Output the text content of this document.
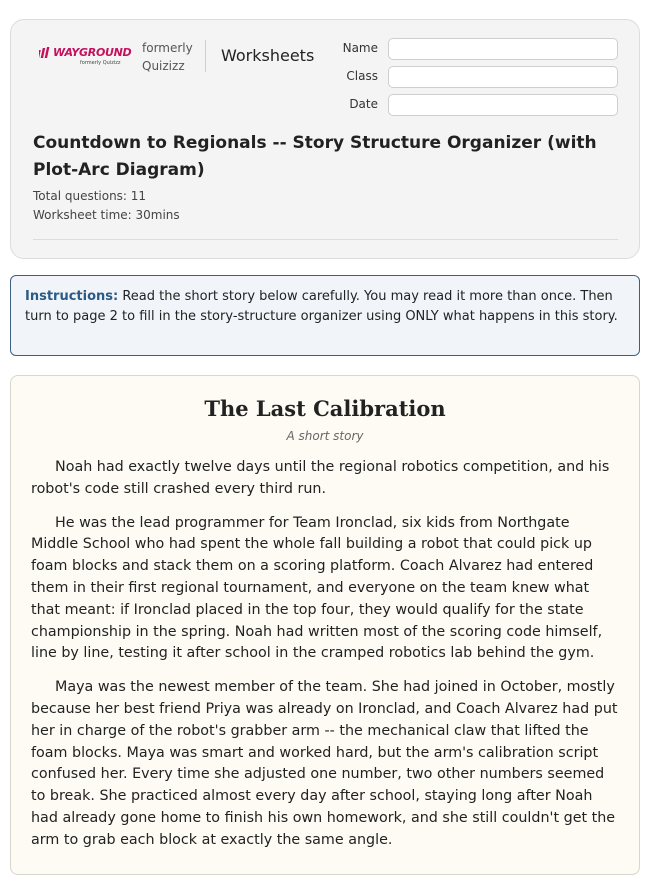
WAYGROUND
formerly Quizizz
formerly
Quizizz
Worksheets	Name
Class
Date
Countdown to Regionals -- Story Structure Organizer (with Plot-Arc Diagram)
Total questions: 11
Worksheet time: 30mins
Instructions: Read the short story below carefully. You may read it more than once. Then turn to page 2 to fill in the story-structure organizer using ONLY what happens in this story.
The Last Calibration
A short story

Noah had exactly twelve days until the regional robotics competition, and his robot's code still crashed every third run.

He was the lead programmer for Team Ironclad, six kids from Northgate Middle School who had spent the whole fall building a robot that could pick up foam blocks and stack them on a scoring platform. Coach Alvarez had entered them in their first regional tournament, and everyone on the team knew what that meant: if Ironclad placed in the top four, they would qualify for the state championship in the spring. Noah had written most of the scoring code himself, line by line, testing it after school in the cramped robotics lab behind the gym.

Maya was the newest member of the team. She had joined in October, mostly because her best friend Priya was already on Ironclad, and Coach Alvarez had put her in charge of the robot's grabber arm -- the mechanical claw that lifted the foam blocks. Maya was smart and worked hard, but the arm's calibration script confused her. Every time she adjusted one number, two other numbers seemed to break. She practiced almost every day after school, staying long after Noah had already gone home to finish his own homework, and she still couldn't get the arm to grab each block at exactly the same angle.
